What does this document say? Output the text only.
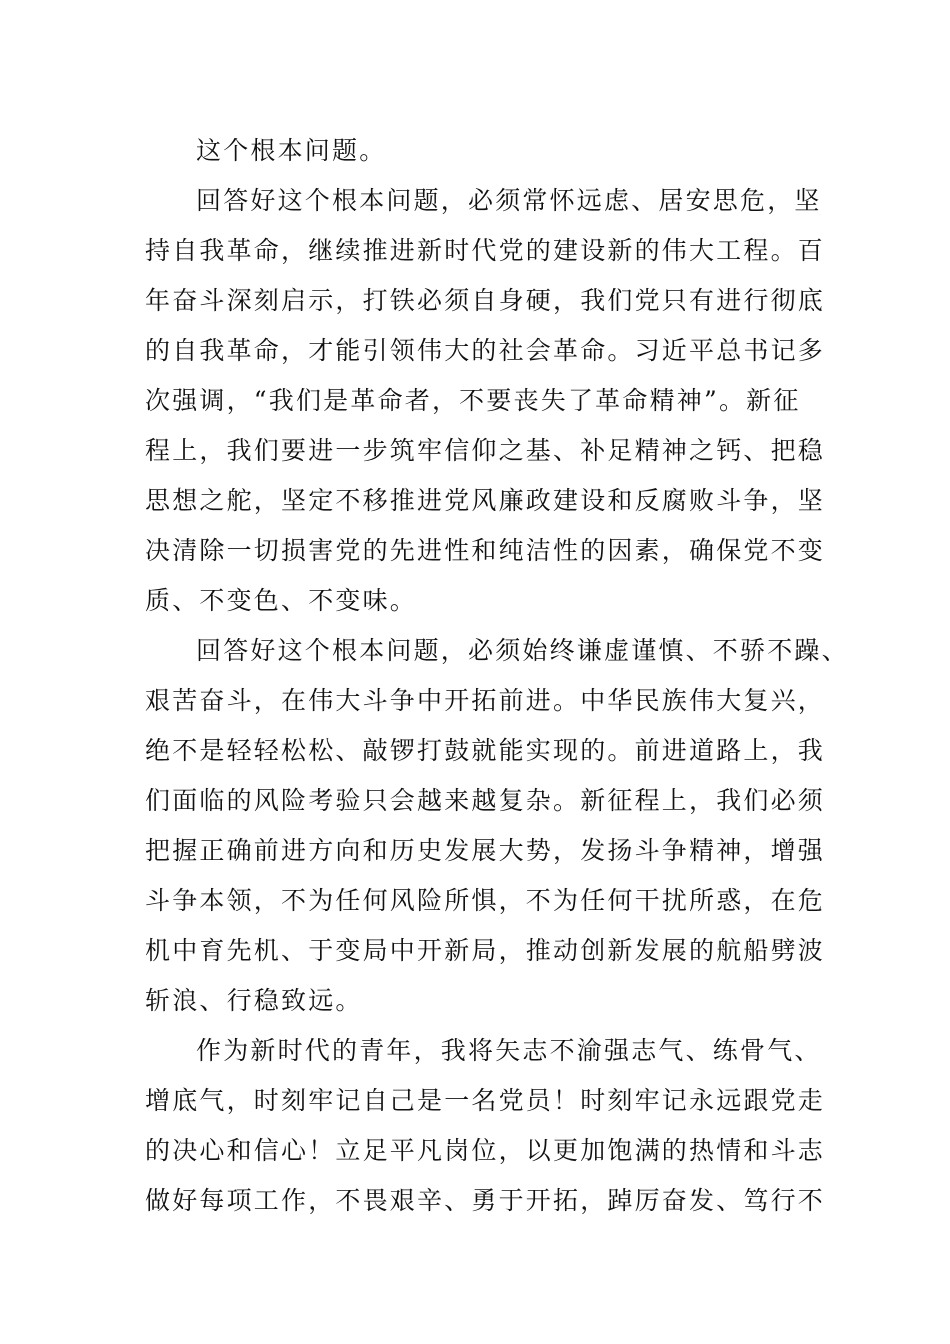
这个根本问题。
回答好这个根本问题，必须常怀远虑、居安思危，坚
持自我革命，继续推进新时代党的建设新的伟大工程。百
年奋斗深刻启示，打铁必须自身硬，我们党只有进行彻底
的自我革命，才能引领伟大的社会革命。习近平总书记多
次强调，“我们是革命者，不要丧失了革命精神”。新征
程上，我们要进一步筑牢信仰之基、补足精神之钙、把稳
思想之舵，坚定不移推进党风廉政建设和反腐败斗争，坚
决清除一切损害党的先进性和纯洁性的因素，确保党不变
质、不变色、不变味。
回答好这个根本问题，必须始终谦虚谨慎、不骄不躁、
艰苦奋斗，在伟大斗争中开拓前进。中华民族伟大复兴，
绝不是轻轻松松、敲锣打鼓就能实现的。前进道路上，我
们面临的风险考验只会越来越复杂。新征程上，我们必须
把握正确前进方向和历史发展大势，发扬斗争精神，增强
斗争本领，不为任何风险所惧，不为任何干扰所惑，在危
机中育先机、于变局中开新局，推动创新发展的航船劈波
斩浪、行稳致远。
作为新时代的青年，我将矢志不渝强志气、练骨气、
增底气，时刻牢记自己是一名党员！时刻牢记永远跟党走
的决心和信心！立足平凡岗位，以更加饱满的热情和斗志
做好每项工作，不畏艰辛、勇于开拓，踔厉奋发、笃行不
